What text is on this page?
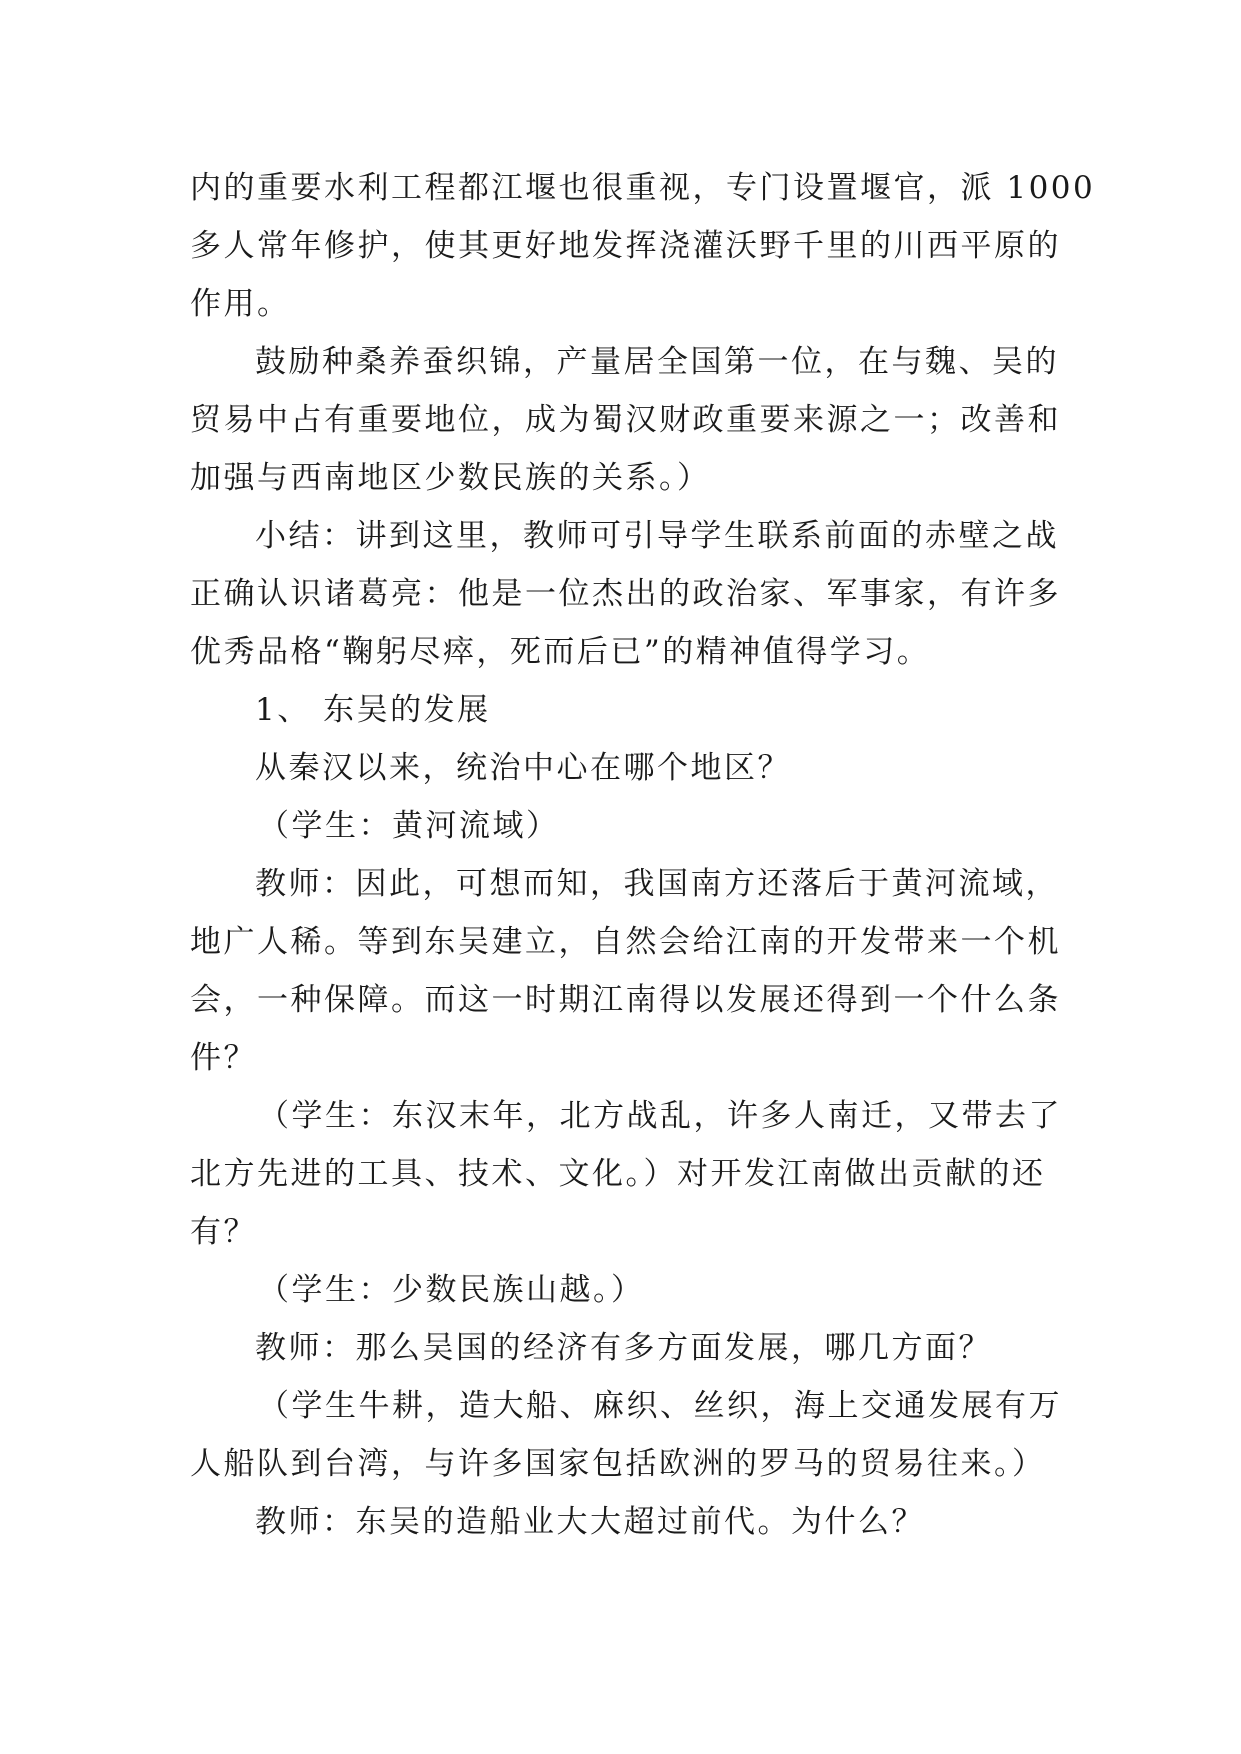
内的重要水利工程都江堰也很重视，专门设置堰官，派 1000
多人常年修护，使其更好地发挥浇灌沃野千里的川西平原的
作用。
鼓励种桑养蚕织锦，产量居全国第一位，在与魏、吴的
贸易中占有重要地位，成为蜀汉财政重要来源之一；改善和
加强与西南地区少数民族的关系。）
小结：讲到这里，教师可引导学生联系前面的赤壁之战
正确认识诸葛亮：他是一位杰出的政治家、军事家，有许多
优秀品格“鞠躬尽瘁，死而后已”的精神值得学习。
1、 东吴的发展
从秦汉以来，统治中心在哪个地区？
（学生：黄河流域）
教师：因此，可想而知，我国南方还落后于黄河流域，
地广人稀。等到东吴建立，自然会给江南的开发带来一个机
会，一种保障。而这一时期江南得以发展还得到一个什么条
件？
（学生：东汉末年，北方战乱，许多人南迁，又带去了
北方先进的工具、技术、文化。）对开发江南做出贡献的还
有？
（学生：少数民族山越。）
教师：那么吴国的经济有多方面发展，哪几方面？
（学生牛耕，造大船、麻织、丝织，海上交通发展有万
人船队到台湾，与许多国家包括欧洲的罗马的贸易往来。）
教师：东吴的造船业大大超过前代。为什么？
